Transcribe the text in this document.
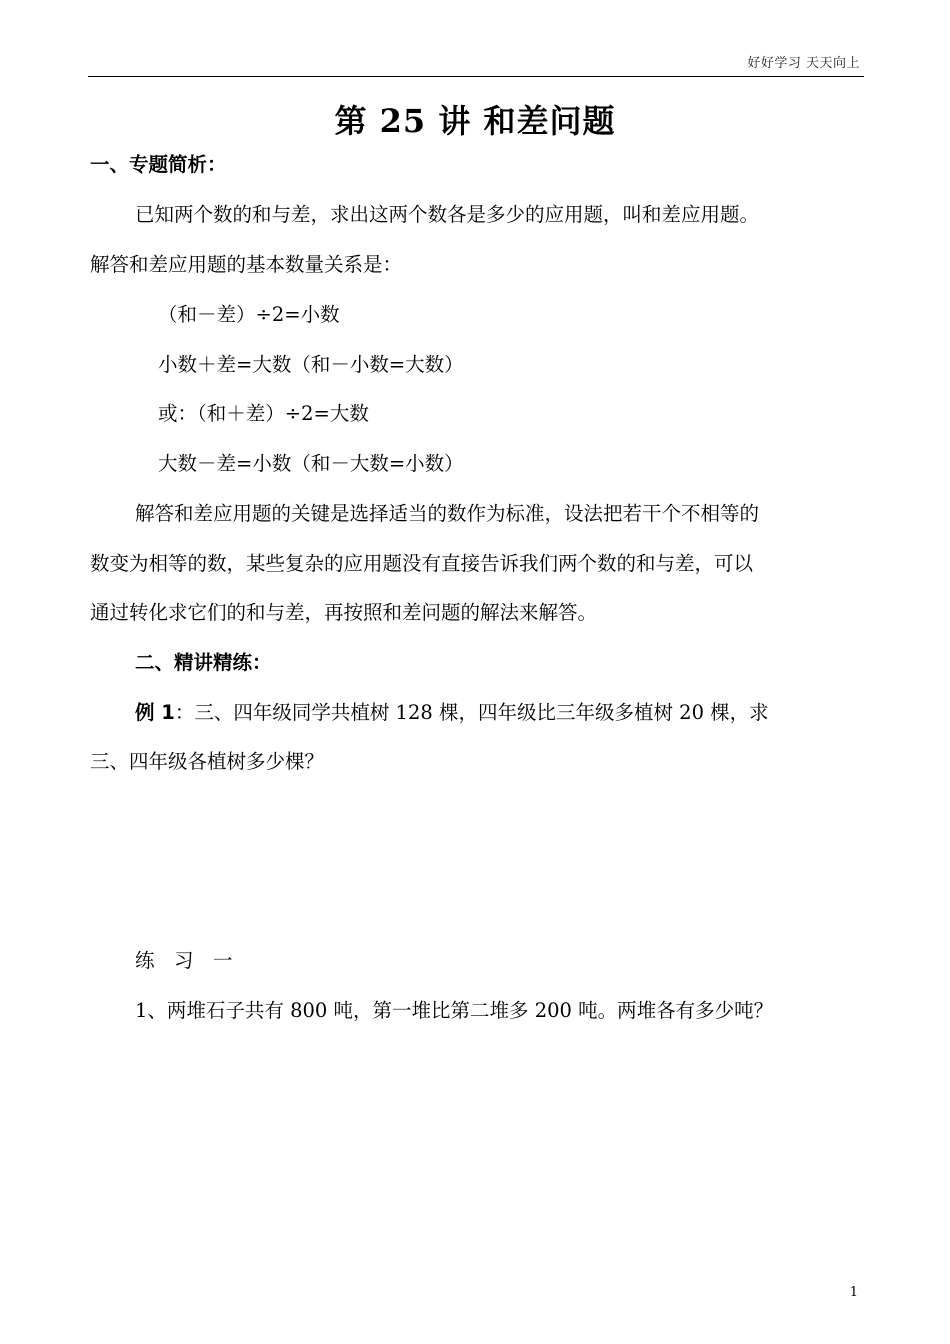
好好学习 天天向上
第 25 讲 和差问题
一、专题简析：
已知两个数的和与差，求出这两个数各是多少的应用题，叫和差应用题。
解答和差应用题的基本数量关系是：
（和－差）÷2=小数
小数＋差=大数（和－小数=大数）
或：（和＋差）÷2=大数
大数－差=小数（和－大数=小数）
解答和差应用题的关键是选择适当的数作为标准，设法把若干个不相等的
数变为相等的数，某些复杂的应用题没有直接告诉我们两个数的和与差，可以
通过转化求它们的和与差，再按照和差问题的解法来解答。
二、精讲精练：
例 1：三、四年级同学共植树 128 棵，四年级比三年级多植树 20 棵，求
三、四年级各植树多少棵？
练　习　一
1、两堆石子共有 800 吨，第一堆比第二堆多 200 吨。两堆各有多少吨？
1
